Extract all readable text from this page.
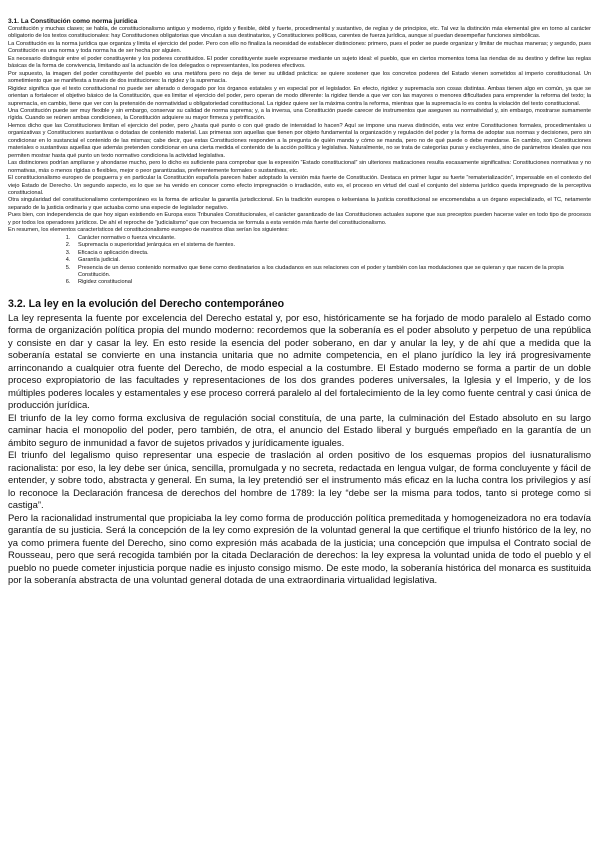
3.1. La Constitución como norma jurídica

Constitución y muchas clases; se habla, de constitucionalismo antiguo y moderno, rígido y flexible, débil y fuerte, procedimental y sustantivo, de reglas y de principios, etc. Tal vez la distinción más elemental gire en torno al carácter obligatorio de los textos constitucionales: hay Constituciones obligatorias que vinculan a sus destinatarios, y Constituciones políticas, carentes de fuerza jurídica, aunque sí puedan desempeñar funciones simbólicas.

La Constitución es la norma jurídica que organiza y limita el ejercicio del poder. Pero con ello no finaliza la necesidad de establecer distinciones: primero, pues el poder se puede organizar y limitar de muchas maneras; y segundo, pues Constitución es una norma y toda norma ha de ser hecha por alguien.

Es necesario distinguir entre el poder constituyente y los poderes constituidos. El poder constituyente suele expresarse mediante un sujeto ideal: el pueblo, que en ciertos momentos toma las riendas de su destino y define las reglas básicas de la forma de convivencia, limitando así la actuación de los delegados o representantes, los poderes efectivos.

Por supuesto, la imagen del poder constituyente del pueblo es una metáfora pero no deja de tener su utilidad práctica: se quiere sostener que los concretos poderes del Estado vienen sometidos al imperio constitucional. Un sometimiento que se manifiesta a través de dos instituciones: la rigidez y la supremacía.

Rigidez significa que el texto constitucional no puede ser alterado o derogado por los órganos estatales y en especial por el legislador. En efecto, rigidez y supremacía son cosas distintas. Ambas tienen algo en común, ya que se orientan a fortalecer el objetivo básico de la Constitución, que es limitar el ejercicio del poder, pero operan de modo diferente: la rigidez tiende a que ver con las mayores o menores dificultades para emprender la reforma del texto; la supremacía, en cambio, tiene que ver con la pretensión de normatividad u obligatoriedad constitucional. La rigidez quiere ser la máxima contra la reforma, mientras que la supremacía lo es contra la violación del texto constitucional.

Una Constitución puede ser muy flexible y sin embargo, conservar su calidad de norma suprema; y, a la inversa, una Constitución puede carecer de instrumentos que aseguren su normatividad y, sin embargo, mostrarse sumamente rígida. Cuando se reúnen ambas condiciones, la Constitución adquiere su mayor firmeza y petrificación.

Hemos dicho que las Constituciones limitan el ejercicio del poder, pero ¿hasta qué punto o con qué grado de intensidad lo hacen? Aquí se impone una nueva distinción, esta vez entre Constituciones formales, procedimentales u organizativas y Constituciones sustantivas o dotadas de contenido material. Las primeras son aquellas que tienen por objeto fundamental la organización y regulación del poder y la forma de adoptar sus normas y decisiones, pero sin condicionar en lo sustancial el contenido de las mismas; cabe decir, que estas Constituciones responden a la pregunta de quién manda y cómo se manda, pero no de qué puede o debe mandarse. En cambio, son Constituciones materiales o sustantivas aquellas que además pretenden condicionar en una cierta medida el contenido de la acción política y legislativa. Naturalmente, no se trata de categorías puras y excluyentes, sino de parámetros ideales que nos permiten mostrar hasta qué punto un texto normativo condiciona la actividad legislativa.

Las distinciones podrían ampliarse y ahondarse mucho, pero lo dicho es suficiente para comprobar que la expresión “Estado constitucional” sin ulteriores matizaciones resulta escasamente significativa: Constituciones normativas y no normativas, más o menos rígidas o flexibles, mejor o peor garantizadas, preferentemente formales o sustantivas, etc.

El constitucionalismo europeo de posguerra y en particular la Constitución española parecen haber adoptado la versión más fuerte de Constitución. Destaca en primer lugar su fuerte “rematerialización”, impensable en el contexto del viejo Estado de Derecho. Un segundo aspecto, es lo que se ha venido en conocer como efecto impregnación o irradiación, esto es, el proceso en virtud del cual el conjunto del sistema jurídico queda impregnado de la perceptiva constitucional.

Otra singularidad del constitucionalismo contemporáneo es la forma de articular la garantía jurisdiccional. En la tradición europea o kelseniana la justicia constitucional se encomendaba a un órgano especializado, el TC, netamente separado de la justicia ordinaria y que actuaba como una especie de legislador negativo.

Pues bien, con independencia de que hoy sigan existiendo en Europa esos Tribunales Constitucionales, el carácter garantizado de las Constituciones actuales supone que sus preceptos pueden hacerse valer en todo tipo de procesos y por todos los operadores jurídicos. De ahí el reproche de “judicialismo” que con frecuencia se formula a esta versión más fuerte del constitucionalismo.

En resumen, los elementos característicos del constitucionalismo europeo de nuestros días serían los siguientes:

1. Carácter normativo o fuerza vinculante.
2. Supremacía o superioridad jerárquica en el sistema de fuentes.
3. Eficacia o aplicación directa.
4. Garantía judicial.
5. Presencia de un denso contenido normativo que tiene como destinatarios a los ciudadanos en sus relaciones con el poder y también con las modulaciones que se quieran y que nacen de la propia Constitución.
6. Rigidez constitucional
3.2. La ley en la evolución del Derecho contemporáneo

La ley representa la fuente por excelencia del Derecho estatal y, por eso, históricamente se ha forjado de modo paralelo al Estado como forma de organización política propia del mundo moderno: recordemos que la soberanía es el poder absoluto y perpetuo de una república y consiste en dar y casar la ley. En esto reside la esencia del poder soberano, en dar y anular la ley, y de ahí que a medida que la soberanía estatal se convierte en una instancia unitaria que no admite competencia, en el plano jurídico la ley irá progresivamente arrinconando a cualquier otra fuente del Derecho, de modo especial a la costumbre. El Estado moderno se forma a partir de un doble proceso expropiatorio de las facultades y representaciones de los dos grandes poderes universales, la Iglesia y el Imperio, y de los múltiples poderes locales y estamentales y ese proceso correrá paralelo al del fortalecimiento de la ley como fuente central y casi única de producción jurídica.

El triunfo de la ley como forma exclusiva de regulación social constituía, de una parte, la culminación del Estado absoluto en su largo caminar hacia el monopolio del poder, pero también, de otra, el anuncio del Estado liberal y burgués empeñado en la garantía de un ámbito seguro de inmunidad a favor de sujetos privados y jurídicamente iguales.

El triunfo del legalismo quiso representar una especie de traslación al orden positivo de los esquemas propios del iusnaturalismo racionalista: por eso, la ley debe ser única, sencilla, promulgada y no secreta, redactada en lengua vulgar, de forma concluyente y fácil de entender, y sobre todo, abstracta y general. En suma, la ley pretendió ser el instrumento más eficaz en la lucha contra los privilegios y así lo reconoce la Declaración francesa de derechos del hombre de 1789: la ley “debe ser la misma para todos, tanto si protege como si castiga”.

Pero la racionalidad instrumental que propiciaba la ley como forma de producción política premeditada y homogeneizadora no era todavía garantía de su justicia. Será la concepción de la ley como expresión de la voluntad general la que certifique el triunfo histórico de la ley, no ya como primera fuente del Derecho, sino como expresión más acabada de la justicia; una concepción que impulsa el Contrato social de Rousseau, pero que será recogida también por la citada Declaración de derechos: la ley expresa la voluntad unida de todo el pueblo y el pueblo no puede cometer injusticia porque nadie es injusto consigo mismo. De este modo, la soberanía histórica del monarca es sustituida por la soberanía abstracta de una voluntad general dotada de una extraordinaria virtualidad legislativa.
